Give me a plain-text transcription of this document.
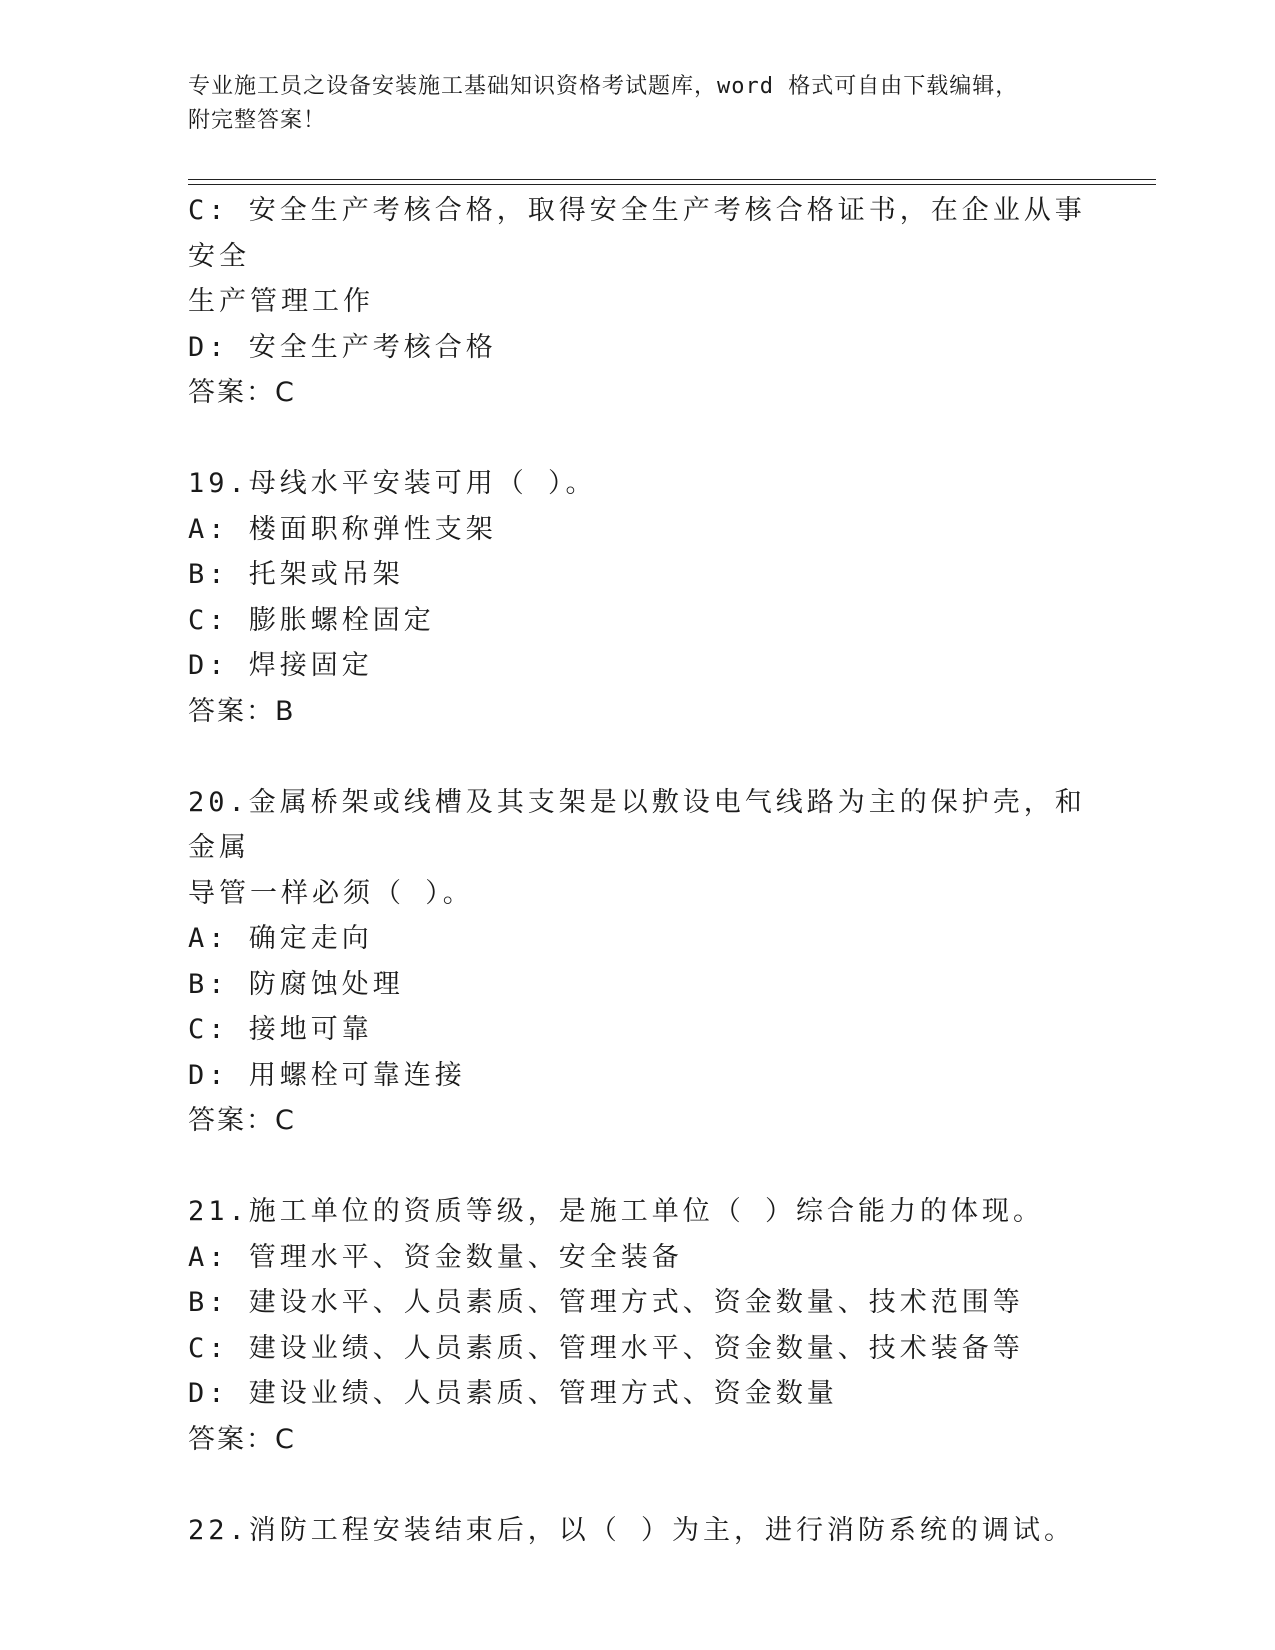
专业施工员之设备安装施工基础知识资格考试题库，word 格式可自由下载编辑，
附完整答案！
C: 安全生产考核合格，取得安全生产考核合格证书，在企业从事安全
生产管理工作
D: 安全生产考核合格
答案：C
19.母线水平安装可用（ ）。
A: 楼面职称弹性支架
B: 托架或吊架
C: 膨胀螺栓固定
D: 焊接固定
答案：B
20.金属桥架或线槽及其支架是以敷设电气线路为主的保护壳，和金属
导管一样必须（ ）。
A: 确定走向
B: 防腐蚀处理
C: 接地可靠
D: 用螺栓可靠连接
答案：C
21.施工单位的资质等级，是施工单位（ ）综合能力的体现。
A: 管理水平、资金数量、安全装备
B: 建设水平、人员素质、管理方式、资金数量、技术范围等
C: 建设业绩、人员素质、管理水平、资金数量、技术装备等
D: 建设业绩、人员素质、管理方式、资金数量
答案：C
22.消防工程安装结束后，以（ ）为主，进行消防系统的调试。
